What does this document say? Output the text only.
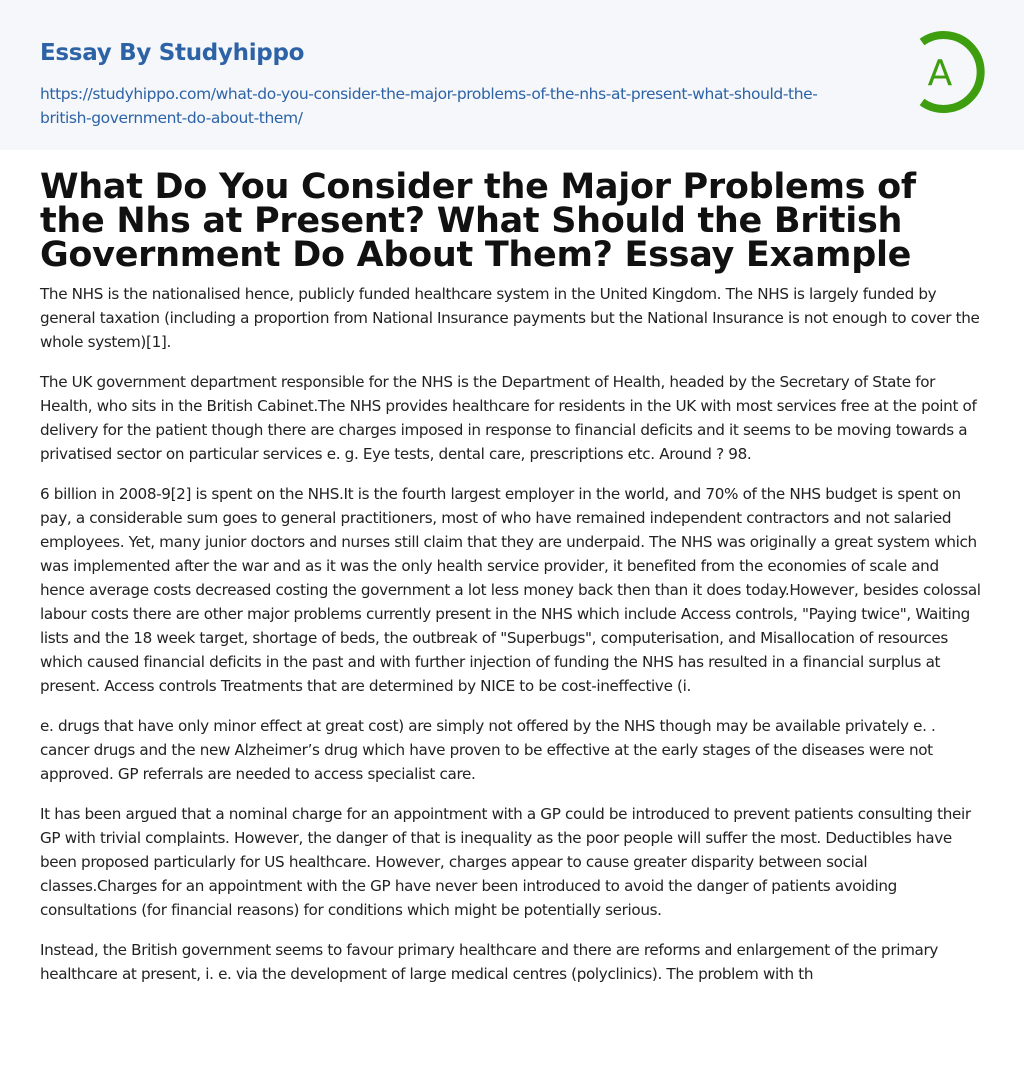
Essay By Studyhippo
https://studyhippo.com/what-do-you-consider-the-major-problems-of-the-nhs-at-present-what-should-the-british-government-do-about-them/
A
What Do You Consider the Major Problems of the Nhs at Present? What Should the British Government Do About Them? Essay Example

The NHS is the nationalised hence, publicly funded healthcare system in the United Kingdom. The NHS is largely funded by general taxation (including a proportion from National Insurance payments but the National Insurance is not enough to cover the whole system)[1].

The UK government department responsible for the NHS is the Department of Health, headed by the Secretary of State for Health, who sits in the British Cabinet.The NHS provides healthcare for residents in the UK with most services free at the point of delivery for the patient though there are charges imposed in response to financial deficits and it seems to be moving towards a privatised sector on particular services e. g. Eye tests, dental care, prescriptions etc. Around ? 98.

6 billion in 2008-9[2] is spent on the NHS.It is the fourth largest employer in the world, and 70% of the NHS budget is spent on pay, a considerable sum goes to general practitioners, most of who have remained independent contractors and not salaried employees. Yet, many junior doctors and nurses still claim that they are underpaid. The NHS was originally a great system which was implemented after the war and as it was the only health service provider, it benefited from the economies of scale and hence average costs decreased costing the government a lot less money back then than it does today.However, besides colossal labour costs there are other major problems currently present in the NHS which include Access controls, "Paying twice", Waiting lists and the 18 week target, shortage of beds, the outbreak of "Superbugs", computerisation, and Misallocation of resources which caused financial deficits in the past and with further injection of funding the NHS has resulted in a financial surplus at present. Access controls Treatments that are determined by NICE to be cost-ineffective (i.

e. drugs that have only minor effect at great cost) are simply not offered by the NHS though may be available privately e. . cancer drugs and the new Alzheimer’s drug which have proven to be effective at the early stages of the diseases were not approved. GP referrals are needed to access specialist care.

It has been argued that a nominal charge for an appointment with a GP could be introduced to prevent patients consulting their GP with trivial complaints. However, the danger of that is inequality as the poor people will suffer the most. Deductibles have been proposed particularly for US healthcare. However, charges appear to cause greater disparity between social classes.Charges for an appointment with the GP have never been introduced to avoid the danger of patients avoiding consultations (for financial reasons) for conditions which might be potentially serious.

Instead, the British government seems to favour primary healthcare and there are reforms and enlargement of the primary healthcare at present, i. e. via the development of large medical centres (polyclinics). The problem with th
